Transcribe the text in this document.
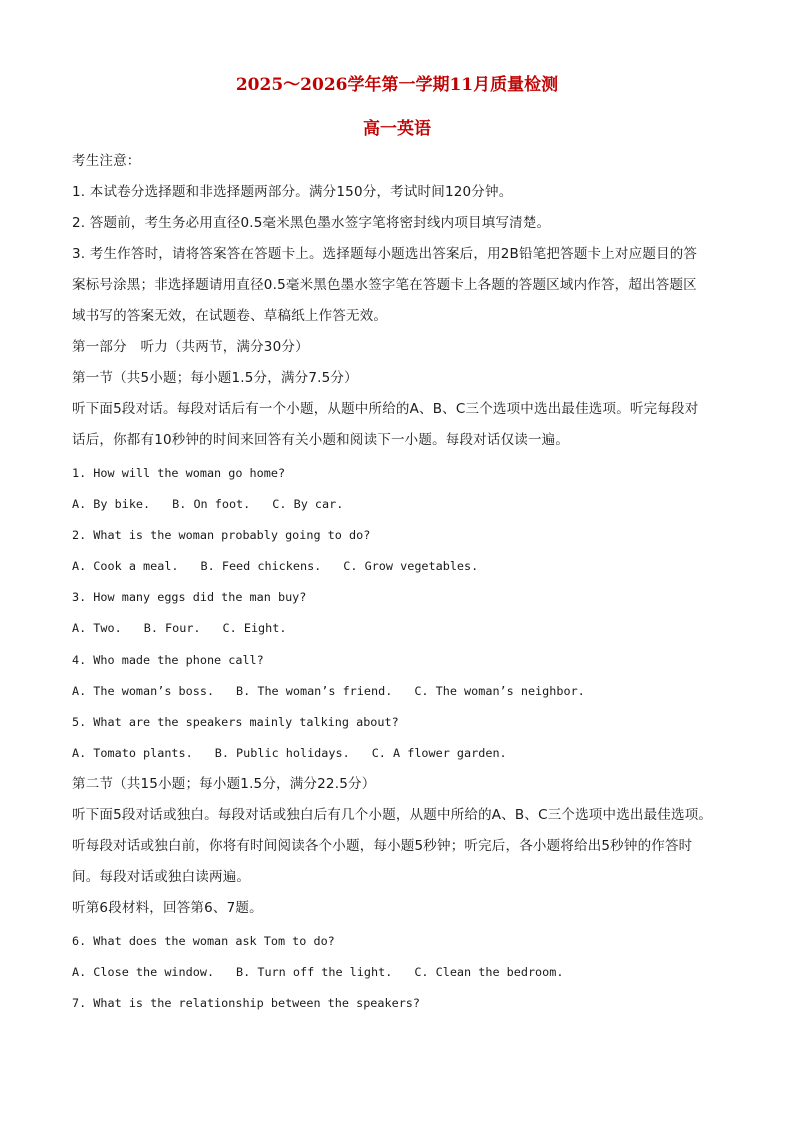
2025～2026学年第一学期11月质量检测
高一英语
考生注意：
1. 本试卷分选择题和非选择题两部分。满分150分，考试时间120分钟。
2. 答题前，考生务必用直径0.5毫米黑色墨水签字笔将密封线内项目填写清楚。
3. 考生作答时，请将答案答在答题卡上。选择题每小题选出答案后，用2B铅笔把答题卡上对应题目的答
案标号涂黑；非选择题请用直径0.5毫米黑色墨水签字笔在答题卡上各题的答题区域内作答，超出答题区
域书写的答案无效，在试题卷、草稿纸上作答无效。
第一部分　听力（共两节，满分30分）
第一节（共5小题；每小题1.5分，满分7.5分）
听下面5段对话。每段对话后有一个小题，从题中所给的A、B、C三个选项中选出最佳选项。听完每段对
话后，你都有10秒钟的时间来回答有关小题和阅读下一小题。每段对话仅读一遍。
1. How will the woman go home?
A. By bike. B. On foot. C. By car.
2. What is the woman probably going to do?
A. Cook a meal. B. Feed chickens. C. Grow vegetables.
3. How many eggs did the man buy?
A. Two. B. Four. C. Eight.
4. Who made the phone call?
A. The woman’s boss. B. The woman’s friend. C. The woman’s neighbor.
5. What are the speakers mainly talking about?
A. Tomato plants. B. Public holidays. C. A flower garden.
第二节（共15小题；每小题1.5分，满分22.5分）
听下面5段对话或独白。每段对话或独白后有几个小题，从题中所给的A、B、C三个选项中选出最佳选项。
听每段对话或独白前，你将有时间阅读各个小题，每小题5秒钟；听完后，各小题将给出5秒钟的作答时
间。每段对话或独白读两遍。
听第6段材料，回答第6、7题。
6. What does the woman ask Tom to do?
A. Close the window. B. Turn off the light. C. Clean the bedroom.
7. What is the relationship between the speakers?
